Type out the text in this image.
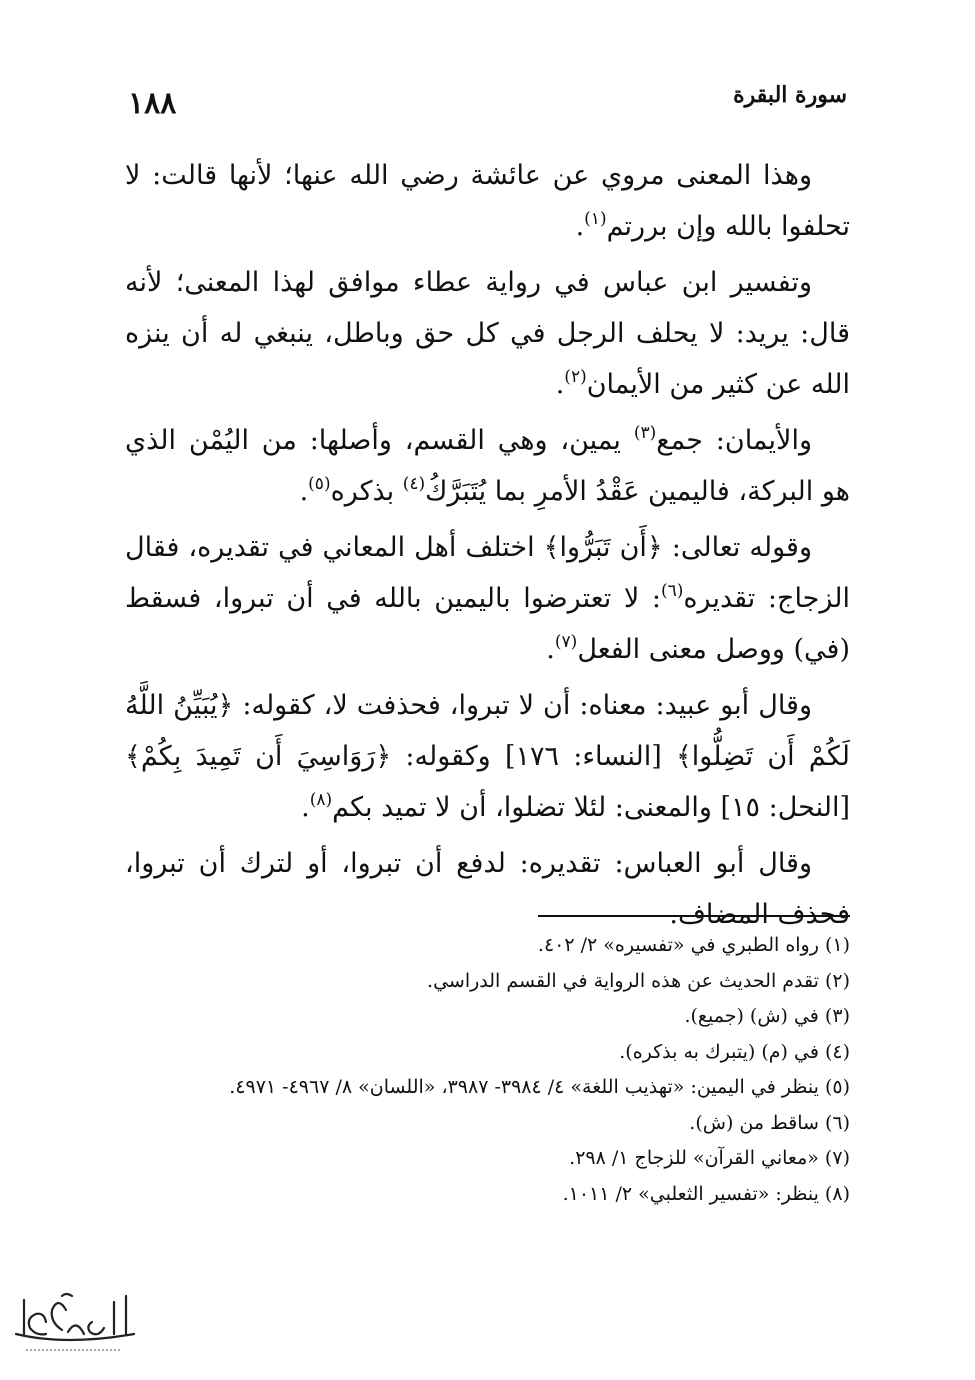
سورة البقرة
١٨٨

وهذا المعنى مروي عن عائشة رضي الله عنها؛ لأنها قالت: لا تحلفوا بالله وإن بررتم$^{(١)}$.

وتفسير ابن عباس في رواية عطاء موافق لهذا المعنى؛ لأنه قال: يريد: لا يحلف الرجل في كل حق وباطل، ينبغي له أن ينزه الله عن كثير من الأيمان$^{(٢)}$.

والأيمان: جمع$^{(٣)}$ يمين، وهي القسم، وأصلها: من اليُمْن الذي هو البركة، فاليمين عَقْدُ الأمرِ بما يُتَبَرَّكُ$^{(٤)}$ بذكره$^{(٥)}$.

وقوله تعالى: ﴿أَن تَبَرُّوا﴾ اختلف أهل المعاني في تقديره، فقال الزجاج: تقديره$^{(٦)}$: لا تعترضوا باليمين بالله في أن تبروا، فسقط (في) ووصل معنى الفعل$^{(٧)}$.

وقال أبو عبيد: معناه: أن لا تبروا، فحذفت لا، كقوله: ﴿يُبَيِّنُ اللَّهُ لَكُمْ أَن تَضِلُّوا﴾ [النساء: ١٧٦] وكقوله: ﴿رَوَاسِيَ أَن تَمِيدَ بِكُمْ﴾ [النحل: ١٥] والمعنى: لئلا تضلوا، أن لا تميد بكم$^{(٨)}$.

وقال أبو العباس: تقديره: لدفع أن تبروا، أو لترك أن تبروا، فحذف المضاف.

(١) رواه الطبري في «تفسيره» ٢/ ٤٠٢.

(٢) تقدم الحديث عن هذه الرواية في القسم الدراسي.

(٣) في (ش) (جميع).

(٤) في (م) (يتبرك به بذكره).

(٥) ينظر في اليمين: «تهذيب اللغة» ٤/ ٣٩٨٤- ٣٩٨٧، «اللسان» ٨/ ٤٩٦٧- ٤٩٧١.

(٦) ساقط من (ش).

(٧) «معاني القرآن» للزجاج ١/ ٢٩٨.

(٨) ينظر: «تفسير الثعلبي» ٢/ ١٠١١.
